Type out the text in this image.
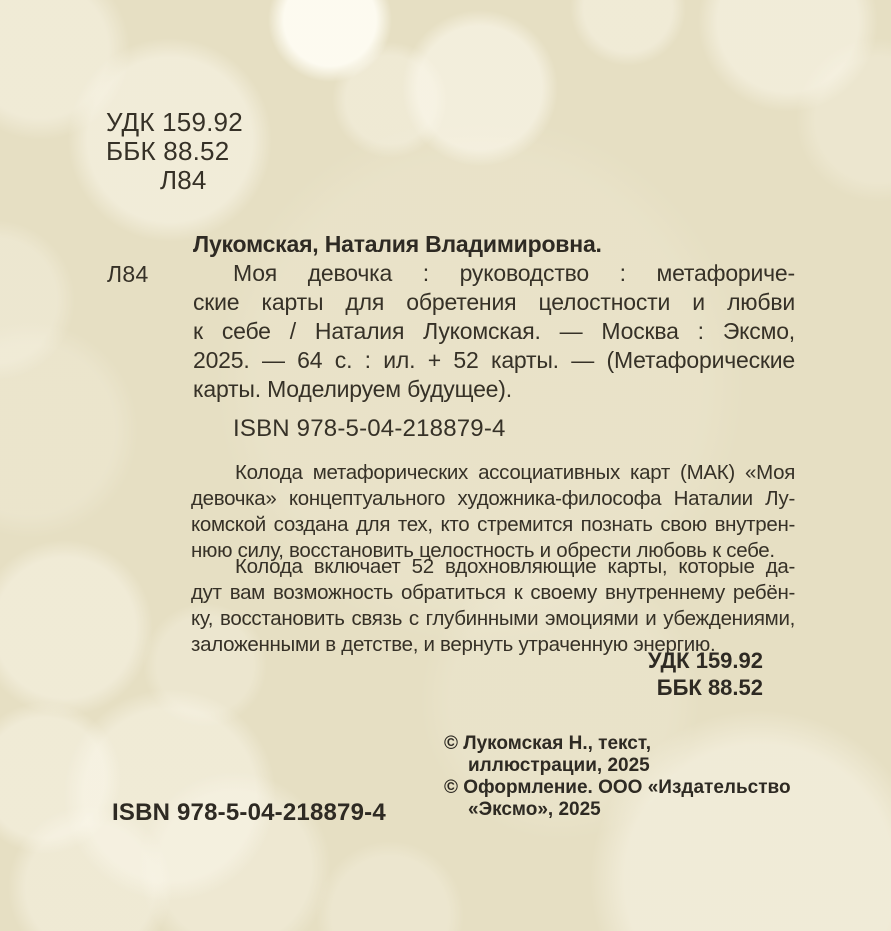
УДК 159.92
ББК 88.52
Л84
Л84
Лукомская, Наталия Владимировна.
Моя девочка : руководство : метафориче-
ские карты для обретения целостности и любви
к себе / Наталия Лукомская. — Москва : Эксмо,
2025. — 64 с. : ил. + 52 карты. — (Метафорические
карты. Моделируем будущее).
ISBN 978-5-04-218879-4
Колода метафорических ассоциативных карт (МАК) «Моя
девочка» концептуального художника-философа Наталии Лу-
комской создана для тех, кто стремится познать свою внутрен-
нюю силу, восстановить целостность и обрести любовь к себе.
Колода включает 52 вдохновляющие карты, которые да-
дут вам возможность обратиться к своему внутреннему ребён-
ку, восстановить связь с глубинными эмоциями и убеждениями,
заложенными в детстве, и вернуть утраченную энергию.
УДК 159.92
ББК 88.52
© Лукомская Н., текст,
иллюстрации, 2025
© Оформление. ООО «Издательство
«Эксмо», 2025
ISBN 978-5-04-218879-4
